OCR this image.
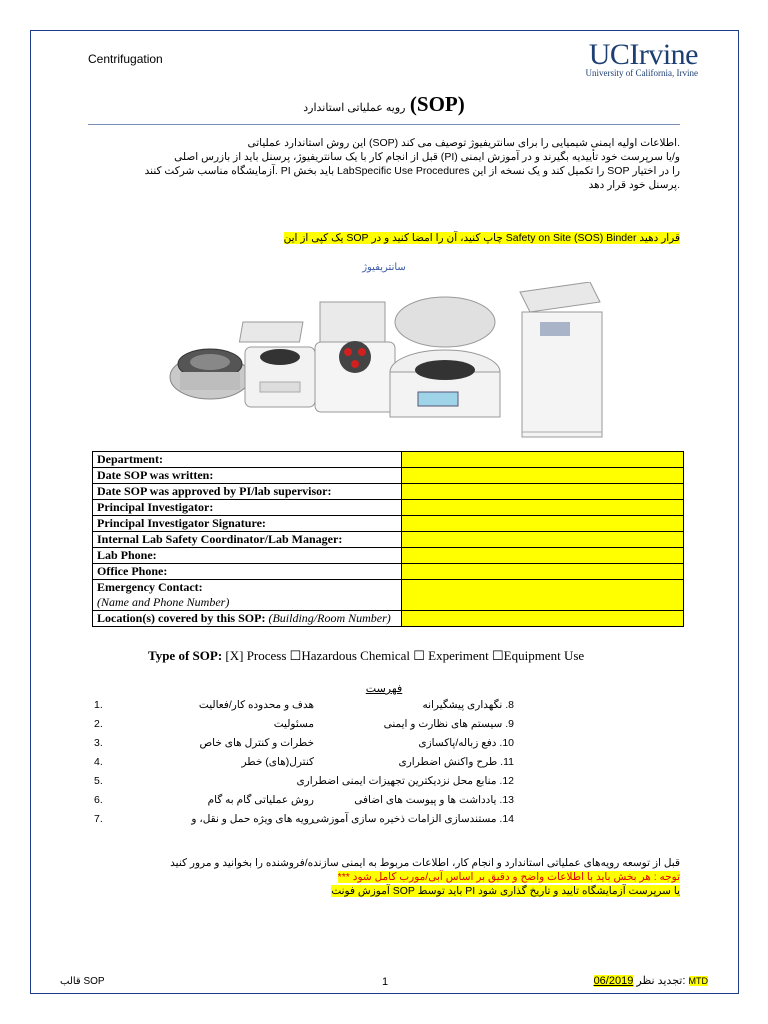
Centrifugation	UCIrvine
University of California, Irvine
رویه عملیاتی استاندارد (SOP)
.اطلاعات اولیه ایمنی شیمیایی را برای سانتریفیوژ توصیف می کند (SOP) این روش استاندارد عملیاتی
و/یا سرپرست خود تأییدیه بگیرند و در آموزش ایمنی (PI) قبل از انجام کار با یک سانتریفیوژ، پرسنل باید از بازرس اصلی
را در اختیار SOP را تکمیل کند و یک نسخه از این LabSpecific Use Procedures باید بخش PI .آزمایشگاه مناسب شرکت کنند
.پرسنل خود قرار دهد
قرار دهید Safety on Site (SOS) Binder چاپ کنید، آن را امضا کنید و در SOP یک کپی از این
سانتریفیوژ
Department:	
Date SOP was written:	
Date SOP was approved by PI/lab supervisor:	
Principal Investigator:	
Principal Investigator Signature:	
Internal Lab Safety Coordinator/Lab Manager:	
Lab Phone:	
Office Phone:	
Emergency Contact:
(Name and Phone Number)	
Location(s) covered by this SOP: (Building/Room Number)	
Type of SOP: [X] Process ☐Hazardous Chemical ☐ Experiment ☐Equipment Use
فهرست
1.	هدف و محدوده کار/فعالیت	8. نگهداری پیشگیرانه
2.	مسئولیت	9. سیستم های نظارت و ایمنی
3.	خطرات و کنترل های خاص	10. دفع زباله/پاکسازی
4.	کنترل(های) خطر	11. طرح واکنش اضطراری
5.	12. منابع محل نزدیکترین تجهیزات ایمنی اضطراری
6.	روش عملیاتی گام به گام	13. یادداشت ها و پیوست های اضافی
7.	رویه های ویژه حمل و نقل، و
14. مستندسازی الزامات ذخیره سازی آموزشی
قبل از توسعه رویه‌های عملیاتی استاندارد و انجام کار، اطلاعات مربوط به ایمنی سازنده/فروشنده را بخوانید و مرور کنید
توجه : هر بخش باید با اطلاعات واضح و دقیق بر اساس آبی/مورب کامل شود ***
یا سرپرست آزمایشگاه تایید و تاریخ گذاری شود PI باید توسط SOP آموزش فونت
قالب SOP	1	06/2019 تجدید نظر: MTD
